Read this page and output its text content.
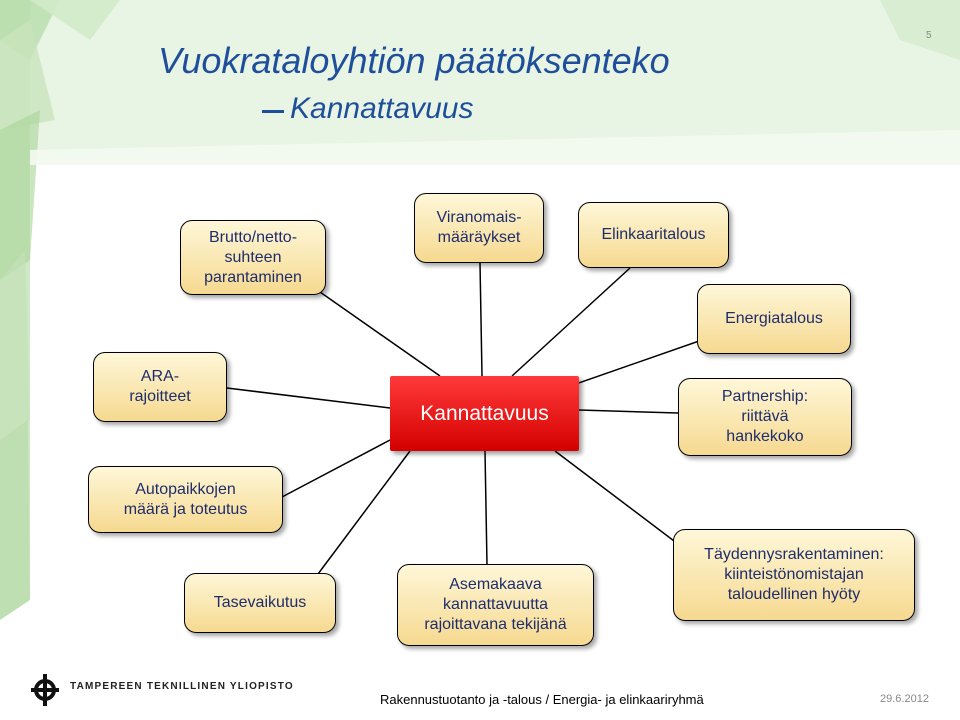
5
Vuokrataloyhtiön päätöksenteko
Kannattavuus
Brutto/netto-
suhteen
parantaminen
Viranomais-
määräykset	Elinkaaritalous
Energiatalous
ARA-
rajoitteet
Kannattavuus
Partnership:
riittävä
hankekoko
Autopaikkojen
määrä ja toteutus
Tasevaikutus
Asemakaava
kannattavuutta
rajoittavana tekijänä
Täydennysrakentaminen:
kiinteistönomistajan
taloudellinen hyöty
TAMPEREEN TEKNILLINEN YLIOPISTO
Rakennustuotanto ja -talous / Energia- ja elinkaariryhmä	29.6.2012
